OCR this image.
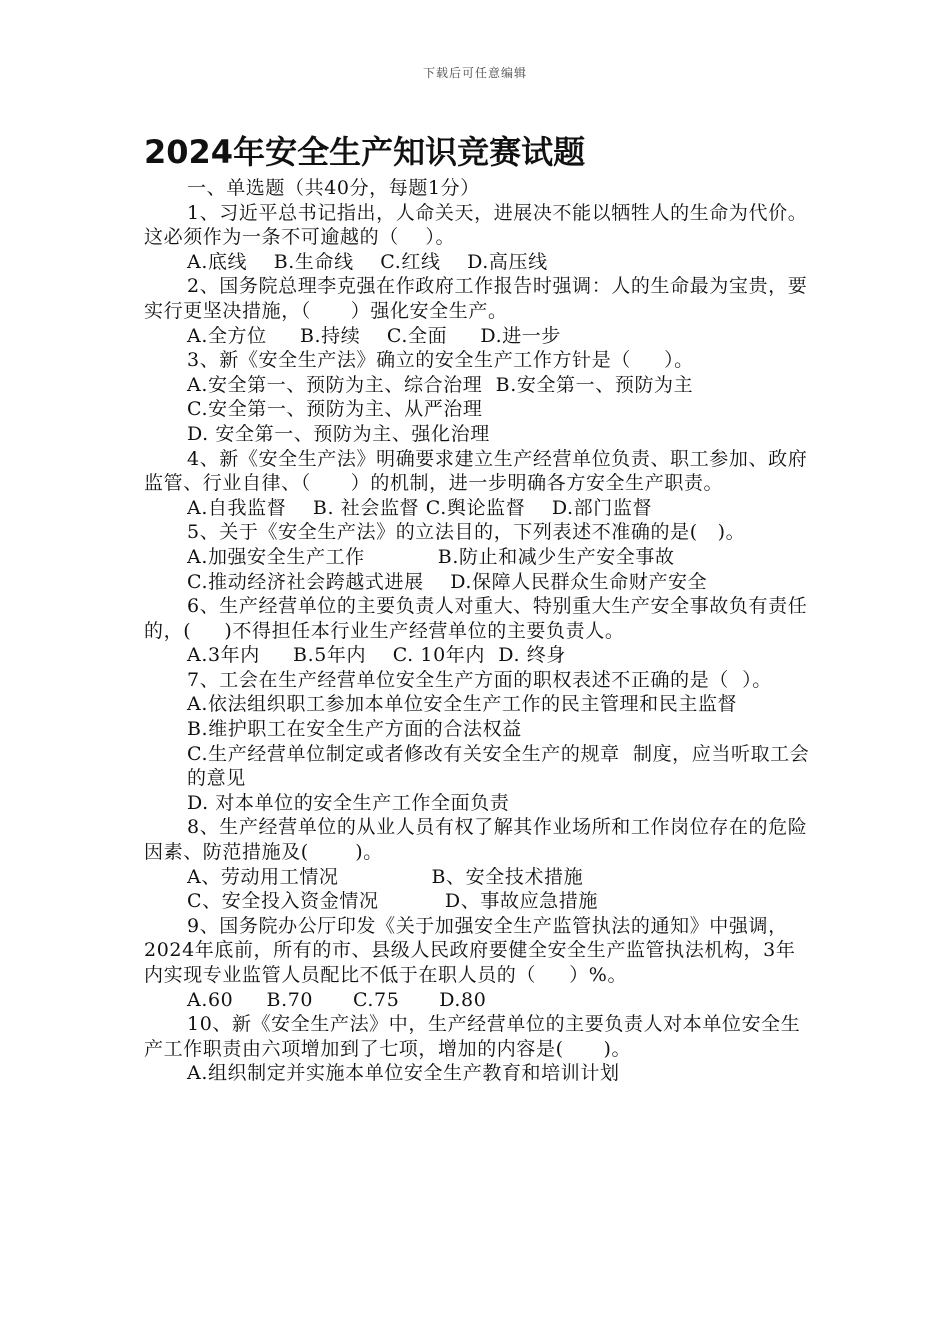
下载后可任意编辑
2024年安全生产知识竞赛试题

一、单选题（共40分，每题1分）

1、习近平总书记指出，人命关天，进展决不能以牺牲人的生命为代价。这必须作为一条不可逾越的（    ）。

A.底线    B.生命线    C.红线    D.高压线

2、国务院总理李克强在作政府工作报告时强调：人的生命最为宝贵，要实行更坚决措施，（      ）强化安全生产。

A.全方位     B.持续    C.全面     D.进一步

3、新《安全生产法》确立的安全生产工作方针是（     ）。

A.安全第一、预防为主、综合治理  B.安全第一、预防为主

C.安全第一、预防为主、从严治理

D. 安全第一、预防为主、强化治理

4、新《安全生产法》明确要求建立生产经营单位负责、职工参加、政府监管、行业自律、（      ）的机制，进一步明确各方安全生产职责。

A.自我监督    B. 社会监督 C.舆论监督    D.部门监督

5、关于《安全生产法》的立法目的，下列表述不准确的是(   )。

A.加强安全生产工作           B.防止和减少生产安全事故

C.推动经济社会跨越式进展    D.保障人民群众生命财产安全

6、生产经营单位的主要负责人对重大、特别重大生产安全事故负有责任的，(     )不得担任本行业生产经营单位的主要负责人。

A.3年内     B.5年内    C. 10年内  D. 终身

7、工会在生产经营单位安全生产方面的职权表述不正确的是（  ）。

A.依法组织职工参加本单位安全生产工作的民主管理和民主监督

B.维护职工在安全生产方面的合法权益

C.生产经营单位制定或者修改有关安全生产的规章  制度，应当听取工会的意见

D. 对本单位的安全生产工作全面负责

8、生产经营单位的从业人员有权了解其作业场所和工作岗位存在的危险因素、防范措施及(       )。

A、劳动用工情况              B、安全技术措施

C、安全投入资金情况          D、事故应急措施

9、国务院办公厅印发《关于加强安全生产监管执法的通知》中强调，2024年底前，所有的市、县级人民政府要健全安全生产监管执法机构，3年内实现专业监管人员配比不低于在职人员的（     ）%。

A.60     B.70      C.75      D.80

10、新《安全生产法》中，生产经营单位的主要负责人对本单位安全生产工作职责由六项增加到了七项，增加的内容是(      )。

A.组织制定并实施本单位安全生产教育和培训计划
